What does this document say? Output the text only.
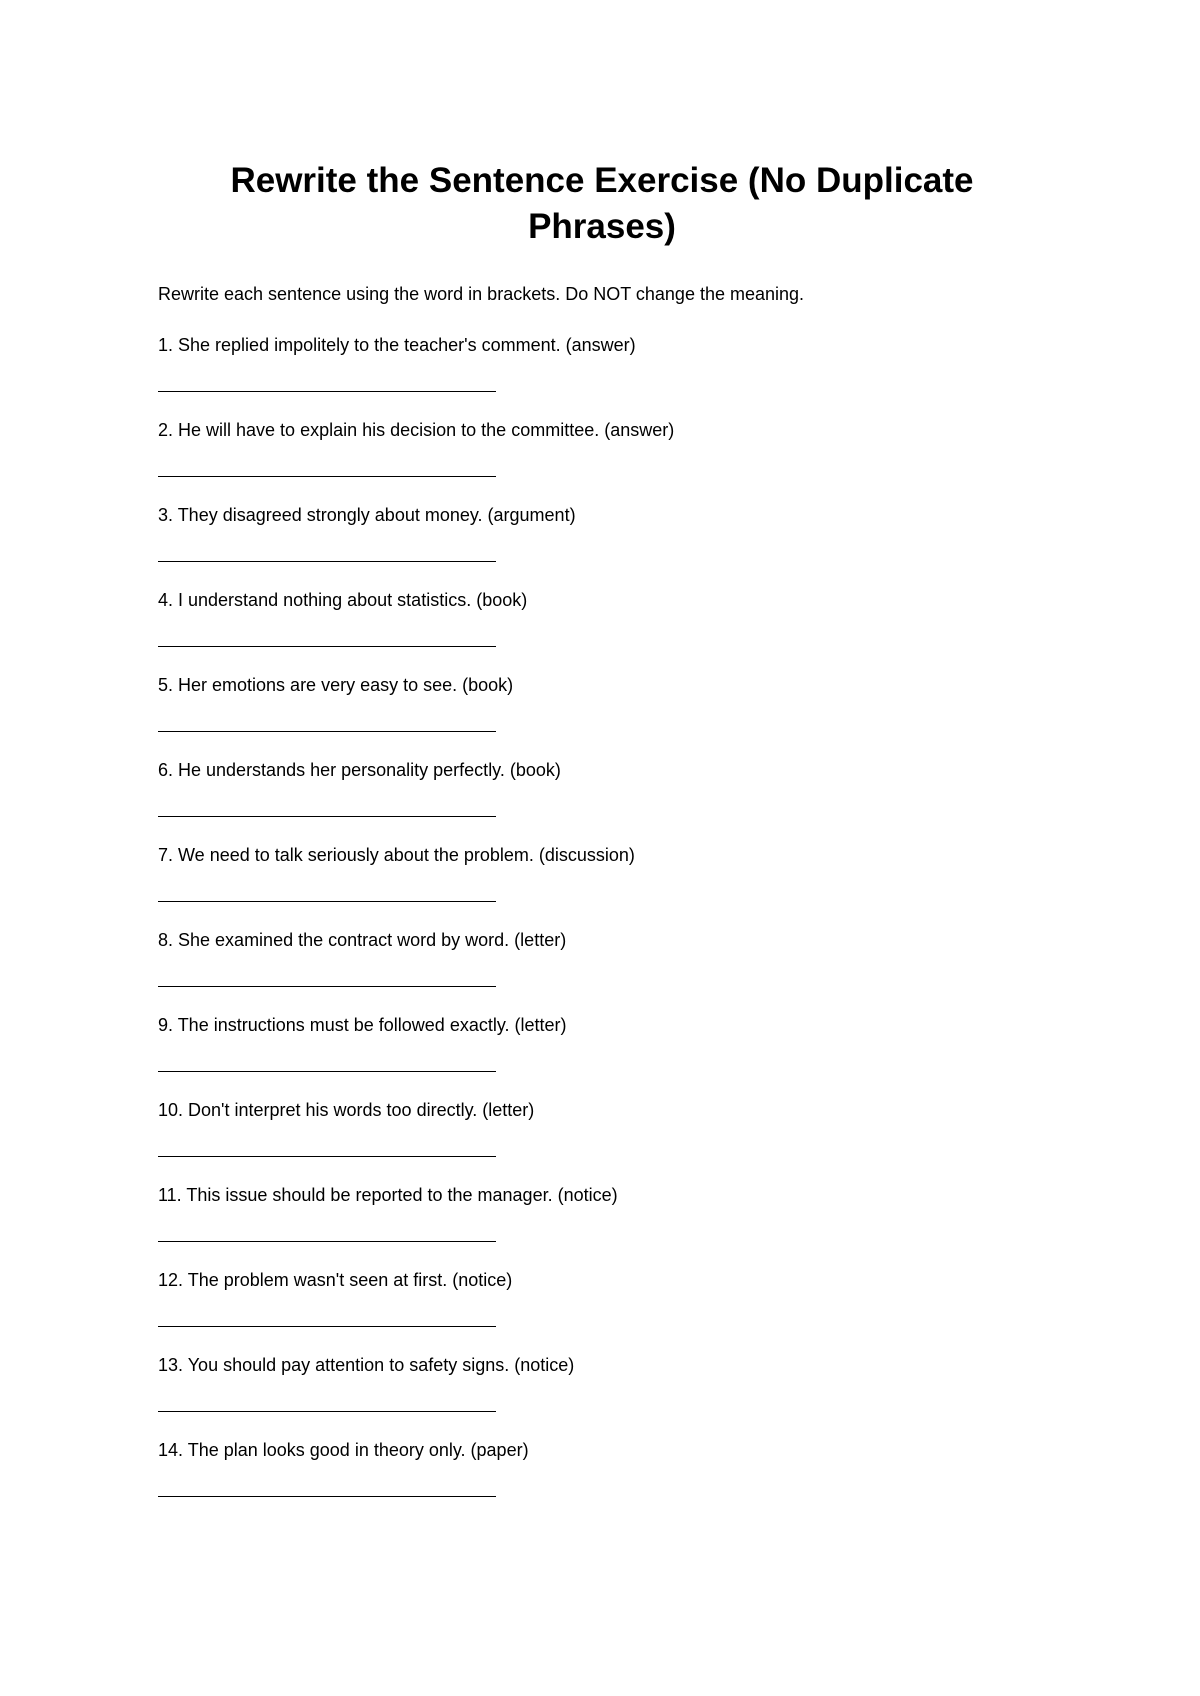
Rewrite the Sentence Exercise (No Duplicate Phrases)

Rewrite each sentence using the word in brackets. Do NOT change the meaning.

1. She replied impolitely to the teacher's comment. (answer)
2. He will have to explain his decision to the committee. (answer)
3. They disagreed strongly about money. (argument)
4. I understand nothing about statistics. (book)
5. Her emotions are very easy to see. (book)
6. He understands her personality perfectly. (book)
7. We need to talk seriously about the problem. (discussion)
8. She examined the contract word by word. (letter)
9. The instructions must be followed exactly. (letter)
10. Don't interpret his words too directly. (letter)
11. This issue should be reported to the manager. (notice)
12. The problem wasn't seen at first. (notice)
13. You should pay attention to safety signs. (notice)
14. The plan looks good in theory only. (paper)
